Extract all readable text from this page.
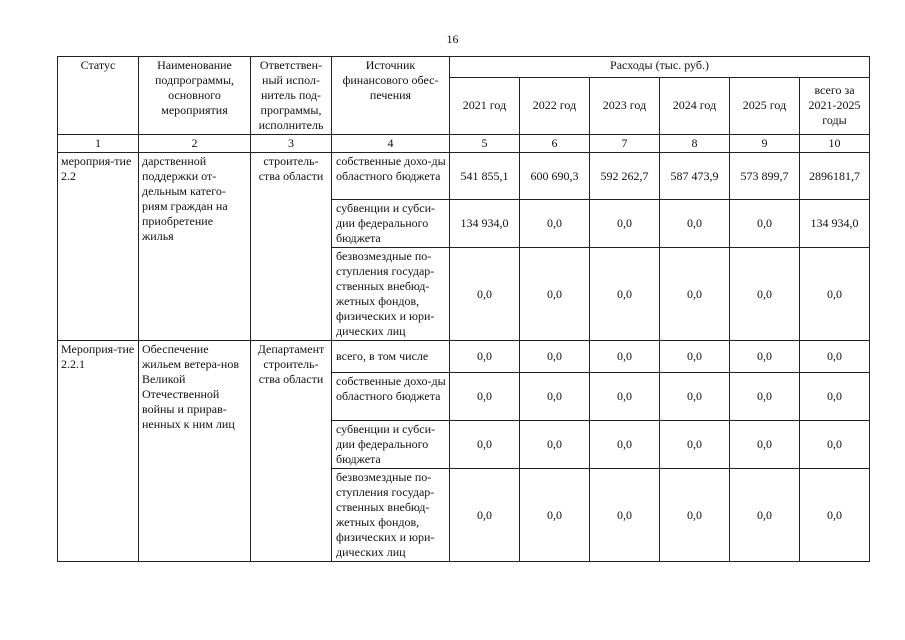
16
Статус	Наименование подпрограммы, основного мероприятия	Ответствен-ный испол-нитель под-программы, исполнитель	Источник финансового обес-печения	Расходы (тыс. руб.)					
				2021 год	2022 год	2023 год	2024 год	2025 год	всего за 2021-2025 годы
1	2	3	4	5	6	7	8	9	10
мероприя-тие 2.2	дарственной поддержки от-дельным катего-риям граждан на приобретение жилья	строитель-ства области	собственные дохо-ды областного бюджета	541 855,1	600 690,3	592 262,7	587 473,9	573 899,7	2896181,7
			субвенции и субси-дии федерального бюджета	134 934,0	0,0	0,0	0,0	0,0	134 934,0
			безвозмездные по-ступления государ-ственных внебюд-жетных фондов, физических и юри-дических лиц	0,0	0,0	0,0	0,0	0,0	0,0
Мероприя-тие 2.2.1	Обеспечение жильем ветера-нов Великой Отечественной войны и прирав-ненных к ним лиц	Департамент строитель-ства области	всего, в том числе	0,0	0,0	0,0	0,0	0,0	0,0
			собственные дохо-ды областного бюджета	0,0	0,0	0,0	0,0	0,0	0,0
			субвенции и субси-дии федерального бюджета	0,0	0,0	0,0	0,0	0,0	0,0
			безвозмездные по-ступления государ-ственных внебюд-жетных фондов, физических и юри-дических лиц	0,0	0,0	0,0	0,0	0,0	0,0
